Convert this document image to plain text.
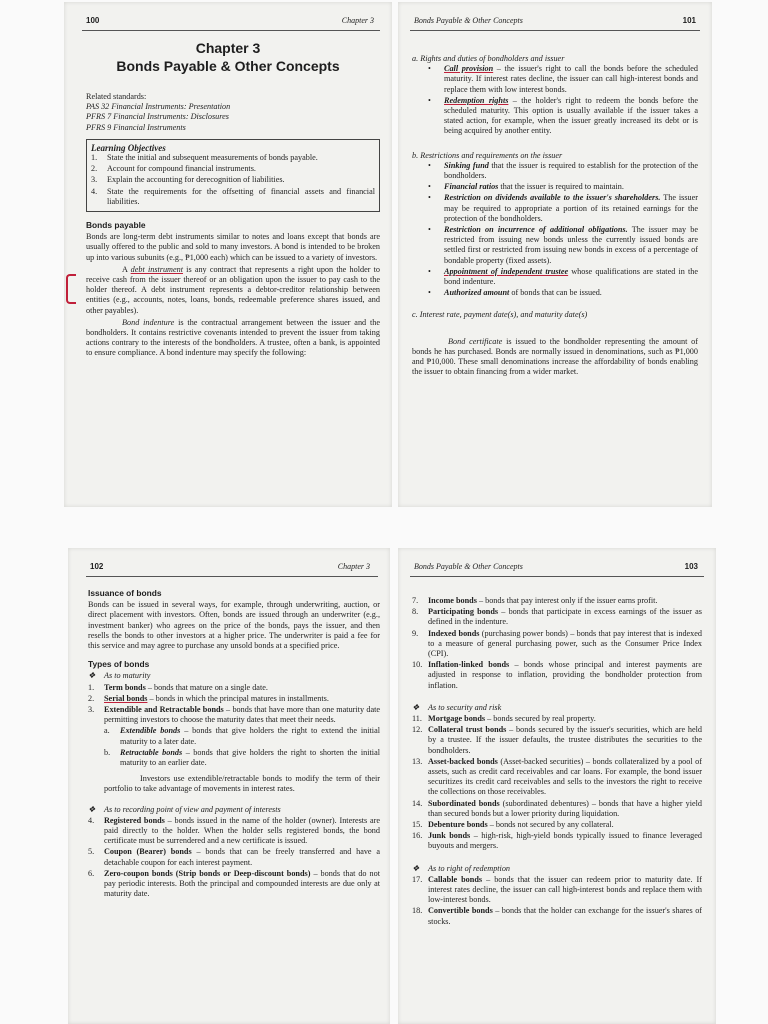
100	Chapter 3
Chapter 3
Bonds Payable & Other Concepts
Related standards:
PAS 32 Financial Instruments: Presentation
PFRS 7 Financial Instruments: Disclosures
PFRS 9 Financial Instruments
Learning Objectives
1. State the initial and subsequent measurements of bonds payable.
2. Account for compound financial instruments.
3. Explain the accounting for derecognition of liabilities.
4. State the requirements for the offsetting of financial assets and financial liabilities.
Bonds payable

Bonds are long-term debt instruments similar to notes and loans except that bonds are usually offered to the public and sold to many investors. A bond is intended to be broken up into various subunits (e.g., ₱1,000 each) which can be issued to a variety of investors.

A debt instrument is any contract that represents a right upon the holder to receive cash from the issuer thereof or an obligation upon the issuer to pay cash to the holder thereof. A debt instrument represents a debtor-creditor relationship between entities (e.g., accounts, notes, loans, bonds, redeemable preference shares issued, and other payables).

Bond indenture is the contractual arrangement between the issuer and the bondholders. It contains restrictive covenants intended to prevent the issuer from taking actions contrary to the interests of the bondholders. A trustee, often a bank, is appointed to ensure compliance. A bond indenture may specify the following:

Bonds Payable & Other Concepts	101
a. Rights and duties of bondholders and issuer
• Call provision – the issuer's right to call the bonds before the scheduled maturity. If interest rates decline, the issuer can call high-interest bonds and replace them with low interest bonds.
• Redemption rights – the holder's right to redeem the bonds before the scheduled maturity. This option is usually available if the issuer takes a stated action, for example, when the issuer greatly increased its debt or is being acquired by another entity.
b. Restrictions and requirements on the issuer
• Sinking fund that the issuer is required to establish for the protection of the bondholders.
• Financial ratios that the issuer is required to maintain.
• Restriction on dividends available to the issuer's shareholders. The issuer may be required to appropriate a portion of its retained earnings for the protection of the bondholders.
• Restriction on incurrence of additional obligations. The issuer may be restricted from issuing new bonds unless the currently issued bonds are settled first or restricted from issuing new bonds in excess of a percentage of bondable property (fixed assets).
• Appointment of independent trustee whose qualifications are stated in the bond indenture.
• Authorized amount of bonds that can be issued.
c. Interest rate, payment date(s), and maturity date(s)

Bond certificate is issued to the bondholder representing the amount of bonds he has purchased. Bonds are normally issued in denominations, such as ₱1,000 and ₱10,000. These small denominations increase the affordability of bonds enabling the issuer to obtain financing from a wider market.

102	Chapter 3
Issuance of bonds

Bonds can be issued in several ways, for example, through underwriting, auction, or direct placement with investors. Often, bonds are issued through an underwriter (e.g., investment banker) who agrees on the price of the bonds, pays the issuer, and then resells the bonds to other investors at a higher price. The underwriter is paid a fee for this service and may agree to purchase any unsold bonds at a specified price.

Types of bonds
❖ As to maturity
1. Term bonds – bonds that mature on a single date.
2. Serial bonds – bonds in which the principal matures in installments.
3. Extendible and Retractable bonds – bonds that have more than one maturity date permitting investors to choose the maturity dates that meet their needs.
a. Extendible bonds – bonds that give holders the right to extend the initial maturity to a later date.
b. Retractable bonds – bonds that give holders the right to shorten the initial maturity to an earlier date.

Investors use extendible/retractable bonds to modify the term of their portfolio to take advantage of movements in interest rates.

❖ As to recording point of view and payment of interests
4. Registered bonds – bonds issued in the name of the holder (owner). Interests are paid directly to the holder. When the holder sells registered bonds, the bond certificate must be surrendered and a new certificate is issued.
5. Coupon (Bearer) bonds – bonds that can be freely transferred and have a detachable coupon for each interest payment.
6. Zero-coupon bonds (Strip bonds or Deep-discount bonds) – bonds that do not pay periodic interests. Both the principal and compounded interests are due only at maturity date.
Bonds Payable & Other Concepts	103
7. Income bonds – bonds that pay interest only if the issuer earns profit.
8. Participating bonds – bonds that participate in excess earnings of the issuer as defined in the indenture.
9. Indexed bonds (purchasing power bonds) – bonds that pay interest that is indexed to a measure of general purchasing power, such as the Consumer Price Index (CPI).
10. Inflation-linked bonds – bonds whose principal and interest payments are adjusted in response to inflation, providing the bondholder protection from inflation.
❖ As to security and risk
11. Mortgage bonds – bonds secured by real property.
12. Collateral trust bonds – bonds secured by the issuer's securities, which are held by a trustee. If the issuer defaults, the trustee distributes the securities to the bondholders.
13. Asset-backed bonds (Asset-backed securities) – bonds collateralized by a pool of assets, such as credit card receivables and car loans. For example, the bond issuer securitizes its credit card receivables and sells to the investors the right to receive the collections on those receivables.
14. Subordinated bonds (subordinated debentures) – bonds that have a higher yield than secured bonds but a lower priority during liquidation.
15. Debenture bonds – bonds not secured by any collateral.
16. Junk bonds – high-risk, high-yield bonds typically issued to finance leveraged buyouts and mergers.
❖ As to right of redemption
17. Callable bonds – bonds that the issuer can redeem prior to maturity date. If interest rates decline, the issuer can call high-interest bonds and replace them with low-interest bonds.
18. Convertible bonds – bonds that the holder can exchange for the issuer's shares of stocks.
